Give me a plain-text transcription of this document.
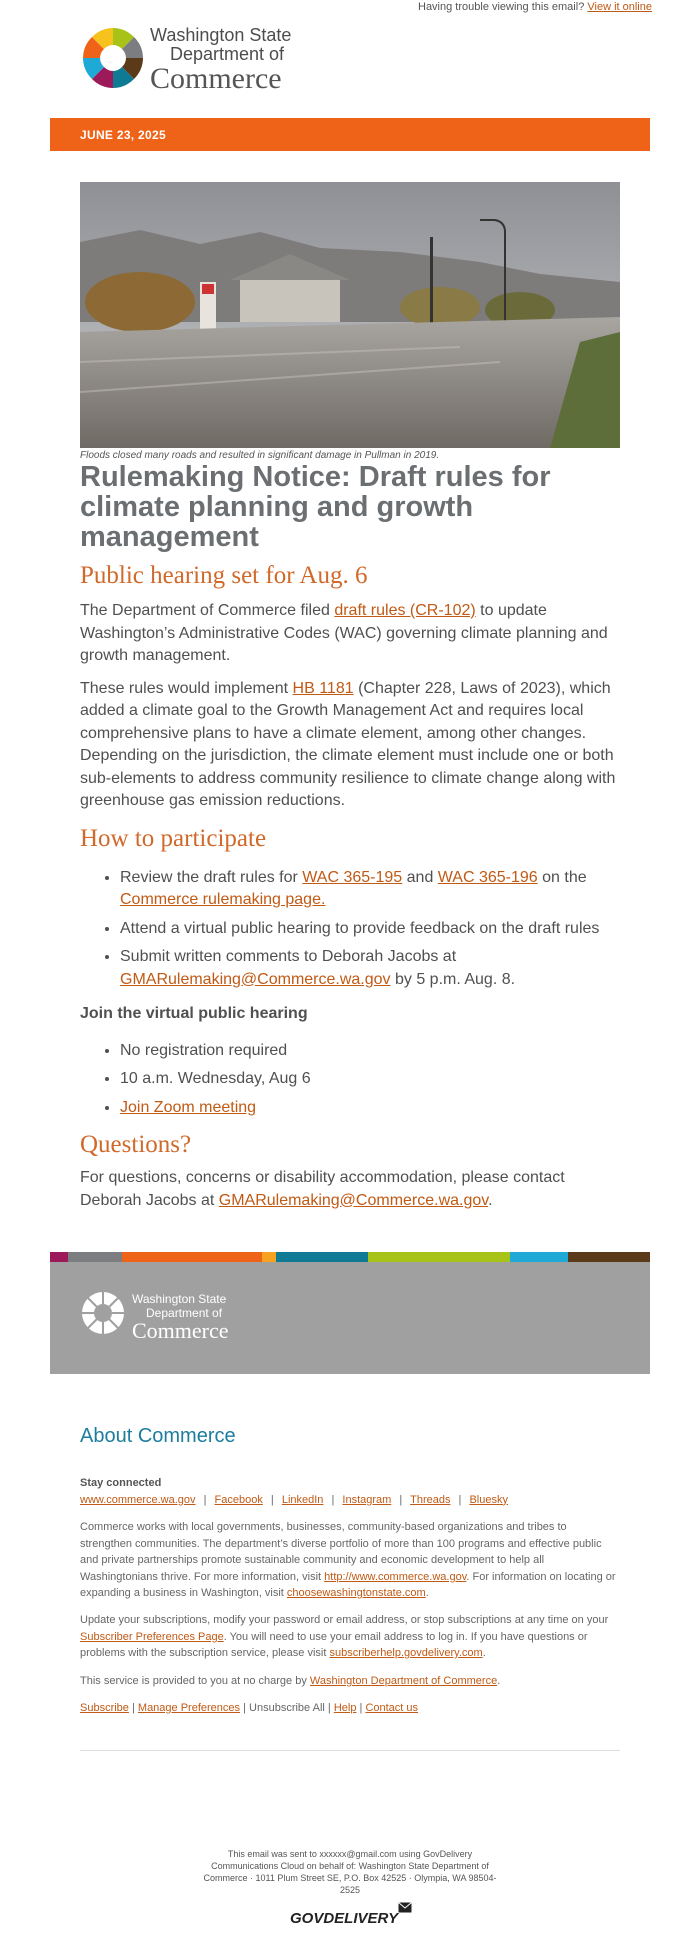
Having trouble viewing this email? View it online
Washington State
Department of
Commerce
JUNE 23, 2025
Floods closed many roads and resulted in significant damage in Pullman in 2019.
Rulemaking Notice: Draft rules for climate planning and growth management
Public hearing set for Aug. 6

The Department of Commerce filed draft rules (CR-102) to update Washington’s Administrative Codes (WAC) governing climate planning and growth management.

These rules would implement HB 1181 (Chapter 228, Laws of 2023), which added a climate goal to the Growth Management Act and requires local comprehensive plans to have a climate element, among other changes. Depending on the jurisdiction, the climate element must include one or both sub-elements to address community resilience to climate change along with greenhouse gas emission reductions.

How to participate
• Review the draft rules for WAC 365-195 and WAC 365-196 on the Commerce rulemaking page.
• Attend a virtual public hearing to provide feedback on the draft rules
• Submit written comments to Deborah Jacobs at GMARulemaking@Commerce.wa.gov by 5 p.m. Aug. 8.

Join the virtual public hearing

• No registration required
• 10 a.m. Wednesday, Aug 6
• Join Zoom meeting
Questions?

For questions, concerns or disability accommodation, please contact Deborah Jacobs at GMARulemaking@Commerce.wa.gov.

Washington State
Department of
Commerce
About Commerce
Stay connected
www.commerce.wa.gov | Facebook | LinkedIn | Instagram | Threads | Bluesky
Commerce works with local governments, businesses, community-based organizations and tribes to strengthen communities. The department’s diverse portfolio of more than 100 programs and effective public and private partnerships promote sustainable community and economic development to help all Washingtonians thrive. For more information, visit http://www.commerce.wa.gov. For information on locating or expanding a business in Washington, visit choosewashingtonstate.com.
Update your subscriptions, modify your password or email address, or stop subscriptions at any time on your Subscriber Preferences Page. You will need to use your email address to log in. If you have questions or problems with the subscription service, please visit subscriberhelp.govdelivery.com.
This service is provided to you at no charge by Washington Department of Commerce.
Subscribe | Manage Preferences | Unsubscribe All | Help | Contact us
This email was sent to xxxxxx@gmail.com using GovDelivery
Communications Cloud on behalf of: Washington State Department of
Commerce · 1011 Plum Street SE, P.O. Box 42525 · Olympia, WA 98504-
2525
GOVDELIVERY
